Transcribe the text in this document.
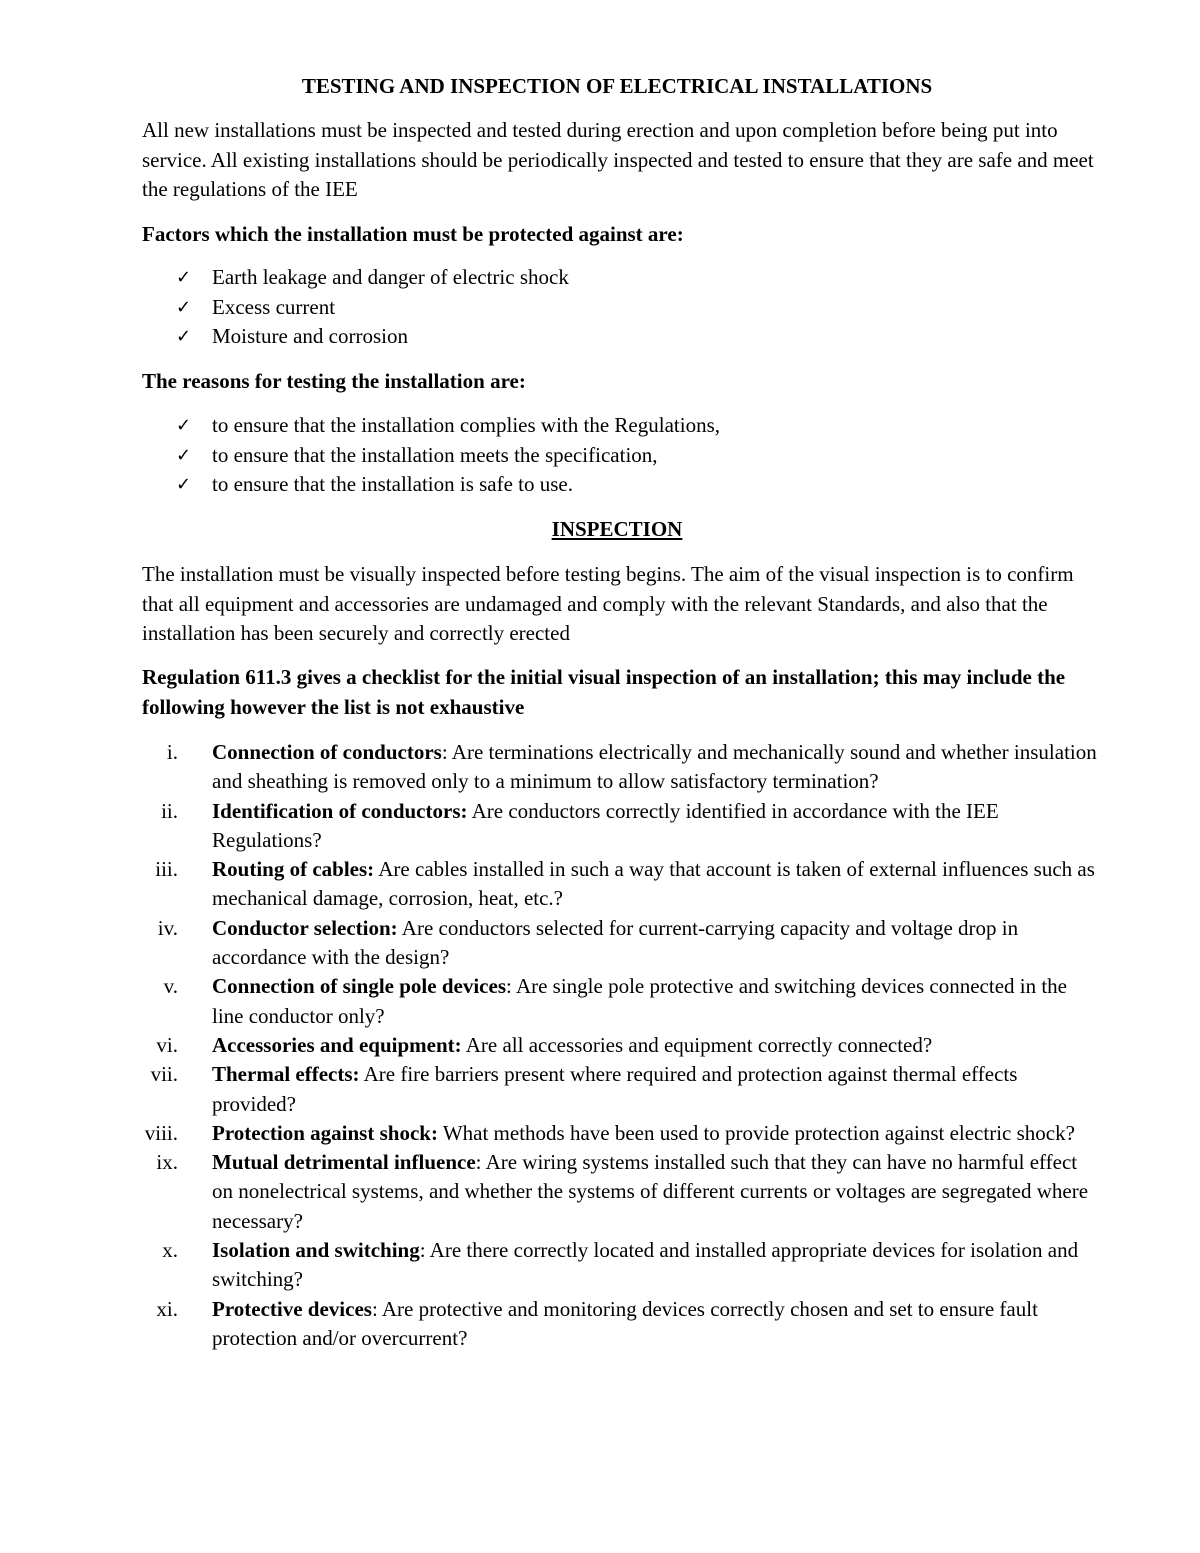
TESTING AND INSPECTION OF ELECTRICAL INSTALLATIONS

All new installations must be inspected and tested during erection and upon completion before being put into service. All existing installations should be periodically inspected and tested to ensure that they are safe and meet the regulations of the IEE

Factors which the installation must be protected against are:

✓ Earth leakage and danger of electric shock
✓ Excess current
✓ Moisture and corrosion

The reasons for testing the installation are:

✓ to ensure that the installation complies with the Regulations,
✓ to ensure that the installation meets the specification,
✓ to ensure that the installation is safe to use.
INSPECTION

The installation must be visually inspected before testing begins. The aim of the visual inspection is to confirm that all equipment and accessories are undamaged and comply with the relevant Standards, and also that the installation has been securely and correctly erected

Regulation 611.3 gives a checklist for the initial visual inspection of an installation; this may include the following however the list is not exhaustive

i. Connection of conductors: Are terminations electrically and mechanically sound and whether insulation and sheathing is removed only to a minimum to allow satisfactory termination?
ii. Identification of conductors: Are conductors correctly identified in accordance with the IEE Regulations?
iii. Routing of cables: Are cables installed in such a way that account is taken of external influences such as mechanical damage, corrosion, heat, etc.?
iv. Conductor selection: Are conductors selected for current-carrying capacity and voltage drop in accordance with the design?
v. Connection of single pole devices: Are single pole protective and switching devices connected in the line conductor only?
vi. Accessories and equipment: Are all accessories and equipment correctly connected?
vii. Thermal effects: Are fire barriers present where required and protection against thermal effects provided?
viii. Protection against shock: What methods have been used to provide protection against electric shock?
ix. Mutual detrimental influence: Are wiring systems installed such that they can have no harmful effect on nonelectrical systems, and whether the systems of different currents or voltages are segregated where necessary?
x. Isolation and switching: Are there correctly located and installed appropriate devices for isolation and switching?
xi. Protective devices: Are protective and monitoring devices correctly chosen and set to ensure fault protection and/or overcurrent?
